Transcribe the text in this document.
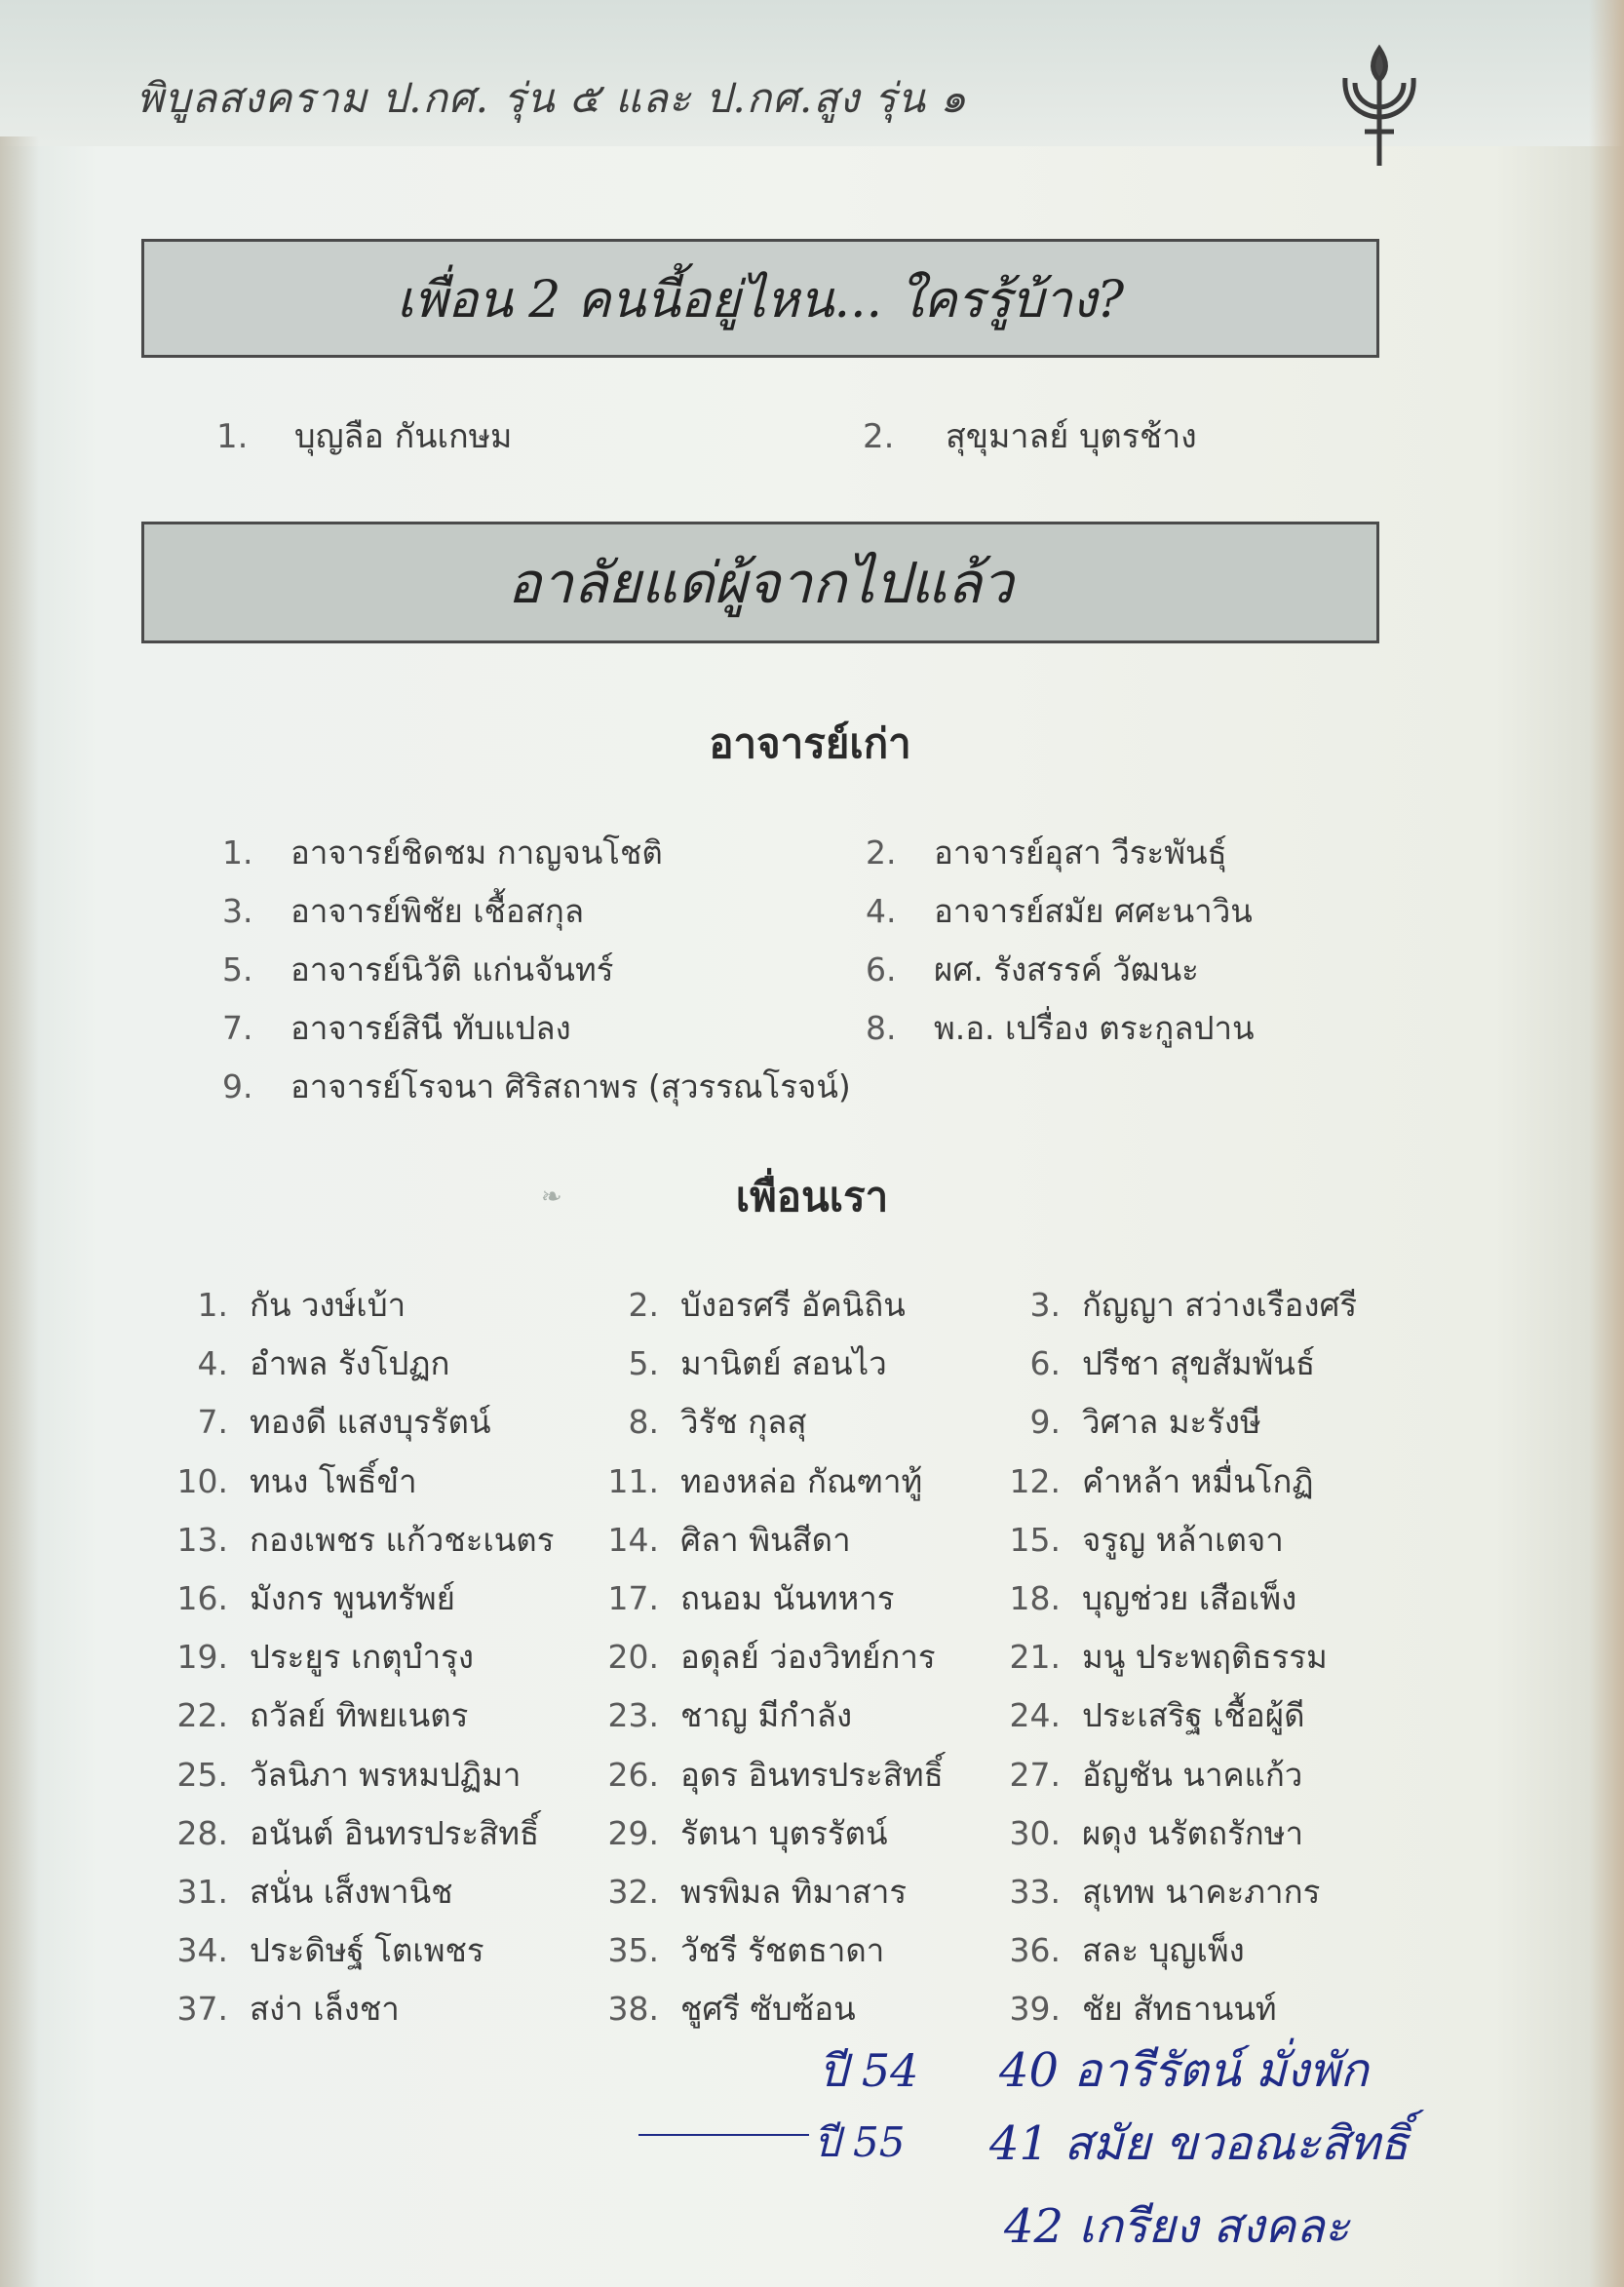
พิบูลสงคราม ป.กศ. รุ่น ๕ และ ป.กศ.สูง รุ่น ๑
เพื่อน 2 คนนี้อยู่ไหน... ใครรู้บ้าง?
1. บุญลือ กันเกษม	2. สุขุมาลย์ บุตรช้าง
อาลัยแด่ผู้จากไปแล้ว
อาจารย์เก่า
1. อาจารย์ชิดชม กาญจนโชติ	2. อาจารย์อุสา วีระพันธุ์
3. อาจารย์พิชัย เชื้อสกุล	4. อาจารย์สมัย ศศะนาวิน
5. อาจารย์นิวัติ แก่นจันทร์	6. ผศ. รังสรรค์ วัฒนะ
7. อาจารย์สินี ทับแปลง	8. พ.อ. เปรื่อง ตระกูลปาน
9. อาจารย์โรจนา ศิริสถาพร (สุวรรณโรจน์)
❧	เพื่อนเรา
1. กัน วงษ์เบ้า	2. บังอรศรี อัคนิถิน	3. กัญญา สว่างเรืองศรี
4. อำพล รังโปฏก	5. มานิตย์ สอนไว	6. ปรีชา สุขสัมพันธ์
7. ทองดี แสงบุรรัตน์	8. วิรัช กุลสุ	9. วิศาล มะรังษี
10. ทนง โพธิ์ขำ	11. ทองหล่อ กัณฑาทู้	12. คำหล้า หมื่นโกฏิ
13. กองเพชร แก้วชะเนตร	14. ศิลา พินสีดา	15. จรูญ หล้าเตจา
16. มังกร พูนทรัพย์	17. ถนอม นันทหาร	18. บุญช่วย เสือเพ็ง
19. ประยูร เกตุบำรุง	20. อดุลย์ ว่องวิทย์การ	21. มนู ประพฤติธรรม
22. ถวัลย์ ทิพยเนตร	23. ชาญ มีกำลัง	24. ประเสริฐ เชื้อผู้ดี
25. วัลนิภา พรหมปฏิมา	26. อุดร อินทรประสิทธิ์	27. อัญชัน นาคแก้ว
28. อนันต์ อินทรประสิทธิ์	29. รัตนา บุตรรัตน์	30. ผดุง นรัตถรักษา
31. สนั่น เส็งพานิช	32. พรพิมล ทิมาสาร	33. สุเทพ นาคะภากร
34. ประดิษฐ์ โตเพชร	35. วัชรี รัชตธาดา	36. สละ บุญเพ็ง
37. สง่า เล็งชา	38. ชูศรี ซับซ้อน	39. ชัย สัทธานนท์
ปี 54 40 อารีรัตน์ มั่งพัก
ปี 55 41 สมัย ขวอณะสิทธิ์
42 เกรียง สงคละ
